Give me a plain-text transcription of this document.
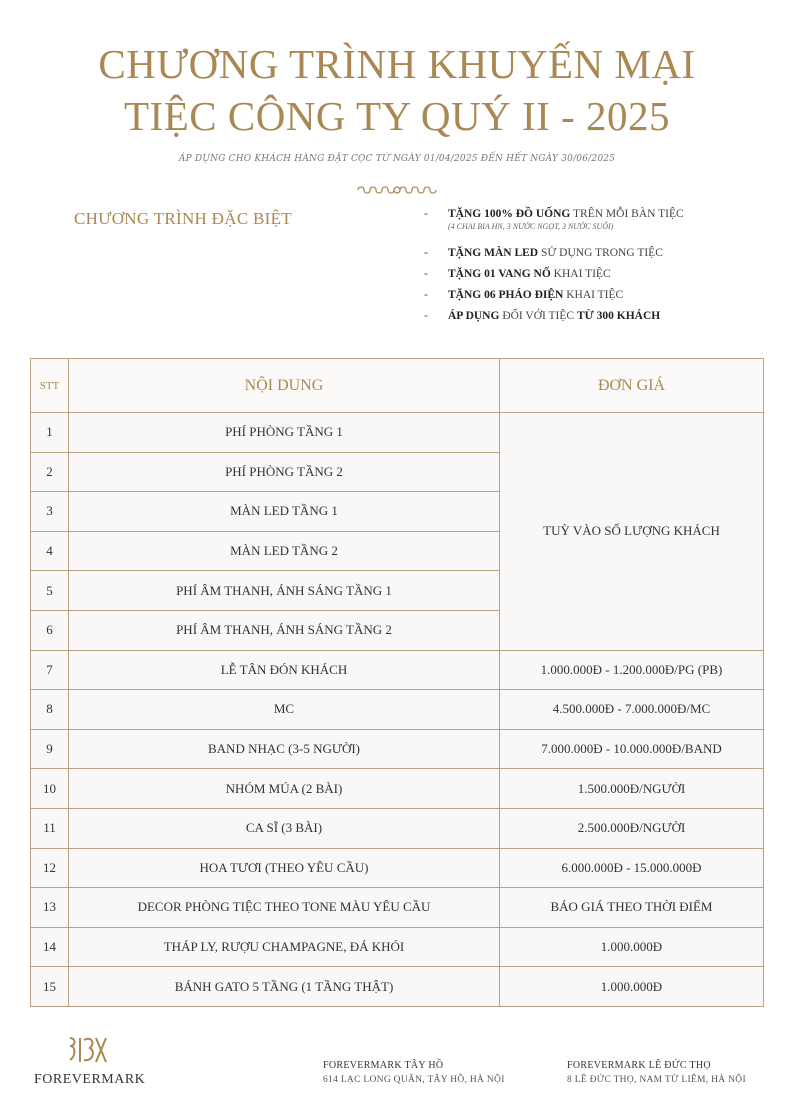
CHƯƠNG TRÌNH KHUYẾN MẠI
TIỆC CÔNG TY QUÝ II - 2025
ÁP DỤNG CHO KHÁCH HÀNG ĐẶT CỌC TỪ NGÀY 01/04/2025 ĐẾN HẾT NGÀY 30/06/2025
CHƯƠNG TRÌNH ĐẶC BIỆT	- TẶNG 100% ĐỒ UỐNG TRÊN MỖI BÀN TIỆC
(4 CHAI BIA HN, 3 NƯỚC NGỌT, 3 NƯỚC SUỐI)
- TẶNG MÀN LED SỬ DỤNG TRONG TIỆC
- TẶNG 01 VANG NỔ KHAI TIỆC
- TẶNG 06 PHÁO ĐIỆN KHAI TIỆC
- ÁP DỤNG ĐỐI VỚI TIỆC TỪ 300 KHÁCH
STT	NỘI DUNG	ĐƠN GIÁ
1	PHÍ PHÒNG TẦNG 1	TUỲ VÀO SỐ LƯỢNG KHÁCH
2	PHÍ PHÒNG TẦNG 2	
3	MÀN LED TẦNG 1	
4	MÀN LED TẦNG 2	
5	PHÍ ÂM THANH, ÁNH SÁNG TẦNG 1	
6	PHÍ ÂM THANH, ÁNH SÁNG TẦNG 2	
7	LỄ TÂN ĐÓN KHÁCH	1.000.000Đ - 1.200.000Đ/PG (PB)
8	MC	4.500.000Đ - 7.000.000Đ/MC
9	BAND NHẠC (3-5 NGƯỜI)	7.000.000Đ - 10.000.000Đ/BAND
10	NHÓM MÚA (2 BÀI)	1.500.000Đ/NGƯỜI
11	CA SĨ (3 BÀI)	2.500.000Đ/NGƯỜI
12	HOA TƯƠI (THEO YÊU CẦU)	6.000.000Đ - 15.000.000Đ
13	DECOR PHÒNG TIỆC THEO TONE MÀU YÊU CẦU	BÁO GIÁ THEO THỜI ĐIỂM
14	THÁP LY, RƯỢU CHAMPAGNE, ĐÁ KHÓI	1.000.000Đ
15	BÁNH GATO 5 TẦNG (1 TẦNG THẬT)	1.000.000Đ
FOREVERMARK
FOREVERMARK TÂY HỒ
614 LẠC LONG QUÂN, TÂY HỒ, HÀ NỘI
FOREVERMARK LÊ ĐỨC THỌ
8 LÊ ĐỨC THỌ, NAM TỪ LIÊM, HÀ NỘI
